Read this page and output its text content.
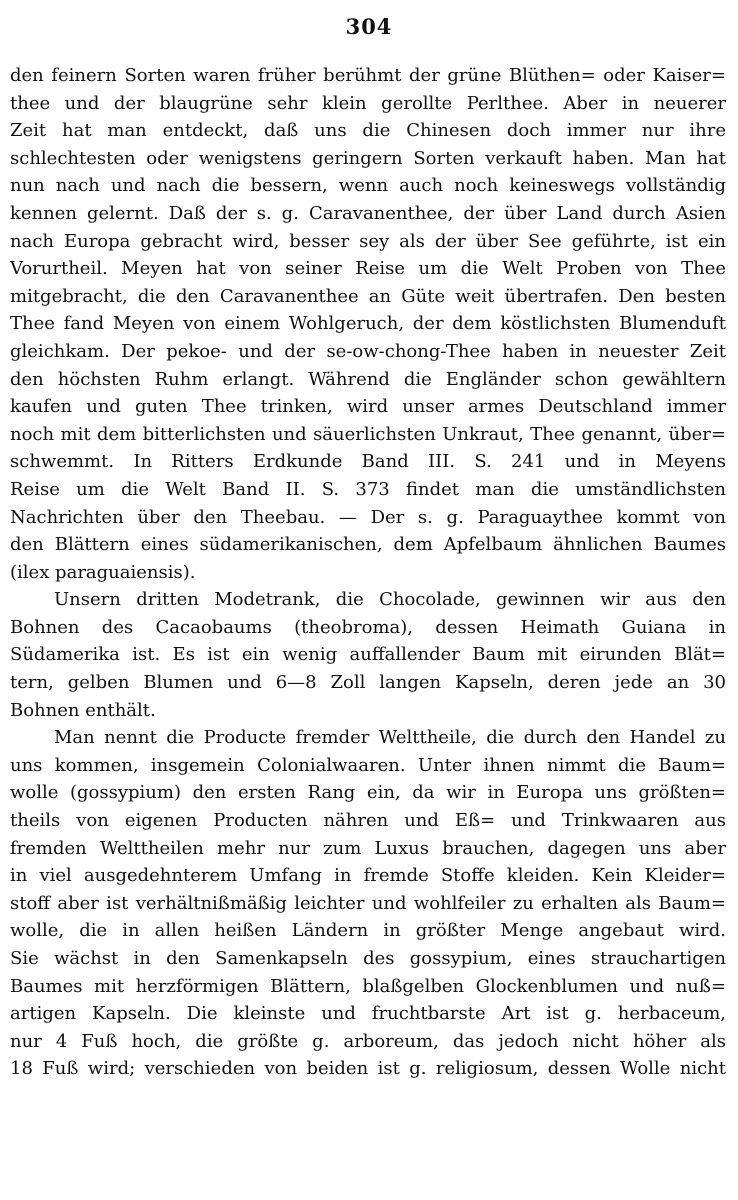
304
den feinern Sorten waren früher berühmt der grüne Blüthen= oder Kaiser=
thee und der blaugrüne sehr klein gerollte Perlthee. Aber in neuerer
Zeit hat man entdeckt, daß uns die Chinesen doch immer nur ihre
schlechtesten oder wenigstens geringern Sorten verkauft haben. Man hat
nun nach und nach die bessern, wenn auch noch keineswegs vollständig
kennen gelernt. Daß der s. g. Caravanenthee, der über Land durch Asien
nach Europa gebracht wird, besser sey als der über See geführte, ist ein
Vorurtheil. Meyen hat von seiner Reise um die Welt Proben von Thee
mitgebracht, die den Caravanenthee an Güte weit übertrafen. Den besten
Thee fand Meyen von einem Wohlgeruch, der dem köstlichsten Blumenduft
gleichkam. Der pekoe- und der se-ow-chong-Thee haben in neuester Zeit
den höchsten Ruhm erlangt. Während die Engländer schon gewähltern
kaufen und guten Thee trinken, wird unser armes Deutschland immer
noch mit dem bitterlichsten und säuerlichsten Unkraut, Thee genannt, über=
schwemmt. In Ritters Erdkunde Band III. S. 241 und in Meyens
Reise um die Welt Band II. S. 373 findet man die umständlichsten
Nachrichten über den Theebau. — Der s. g. Paraguaythee kommt von
den Blättern eines südamerikanischen, dem Apfelbaum ähnlichen Baumes
(ilex paraguaiensis).
Unsern dritten Modetrank, die Chocolade, gewinnen wir aus den
Bohnen des Cacaobaums (theobroma), dessen Heimath Guiana in
Südamerika ist. Es ist ein wenig auffallender Baum mit eirunden Blät=
tern, gelben Blumen und 6—8 Zoll langen Kapseln, deren jede an 30
Bohnen enthält.
Man nennt die Producte fremder Welttheile, die durch den Handel zu
uns kommen, insgemein Colonialwaaren. Unter ihnen nimmt die Baum=
wolle (gossypium) den ersten Rang ein, da wir in Europa uns größten=
theils von eigenen Producten nähren und Eß= und Trinkwaaren aus
fremden Welttheilen mehr nur zum Luxus brauchen, dagegen uns aber
in viel ausgedehnterem Umfang in fremde Stoffe kleiden. Kein Kleider=
stoff aber ist verhältnißmäßig leichter und wohlfeiler zu erhalten als Baum=
wolle, die in allen heißen Ländern in größter Menge angebaut wird.
Sie wächst in den Samenkapseln des gossypium, eines strauchartigen
Baumes mit herzförmigen Blättern, blaßgelben Glockenblumen und nuß=
artigen Kapseln. Die kleinste und fruchtbarste Art ist g. herbaceum,
nur 4 Fuß hoch, die größte g. arboreum, das jedoch nicht höher als
18 Fuß wird; verschieden von beiden ist g. religiosum, dessen Wolle nicht
